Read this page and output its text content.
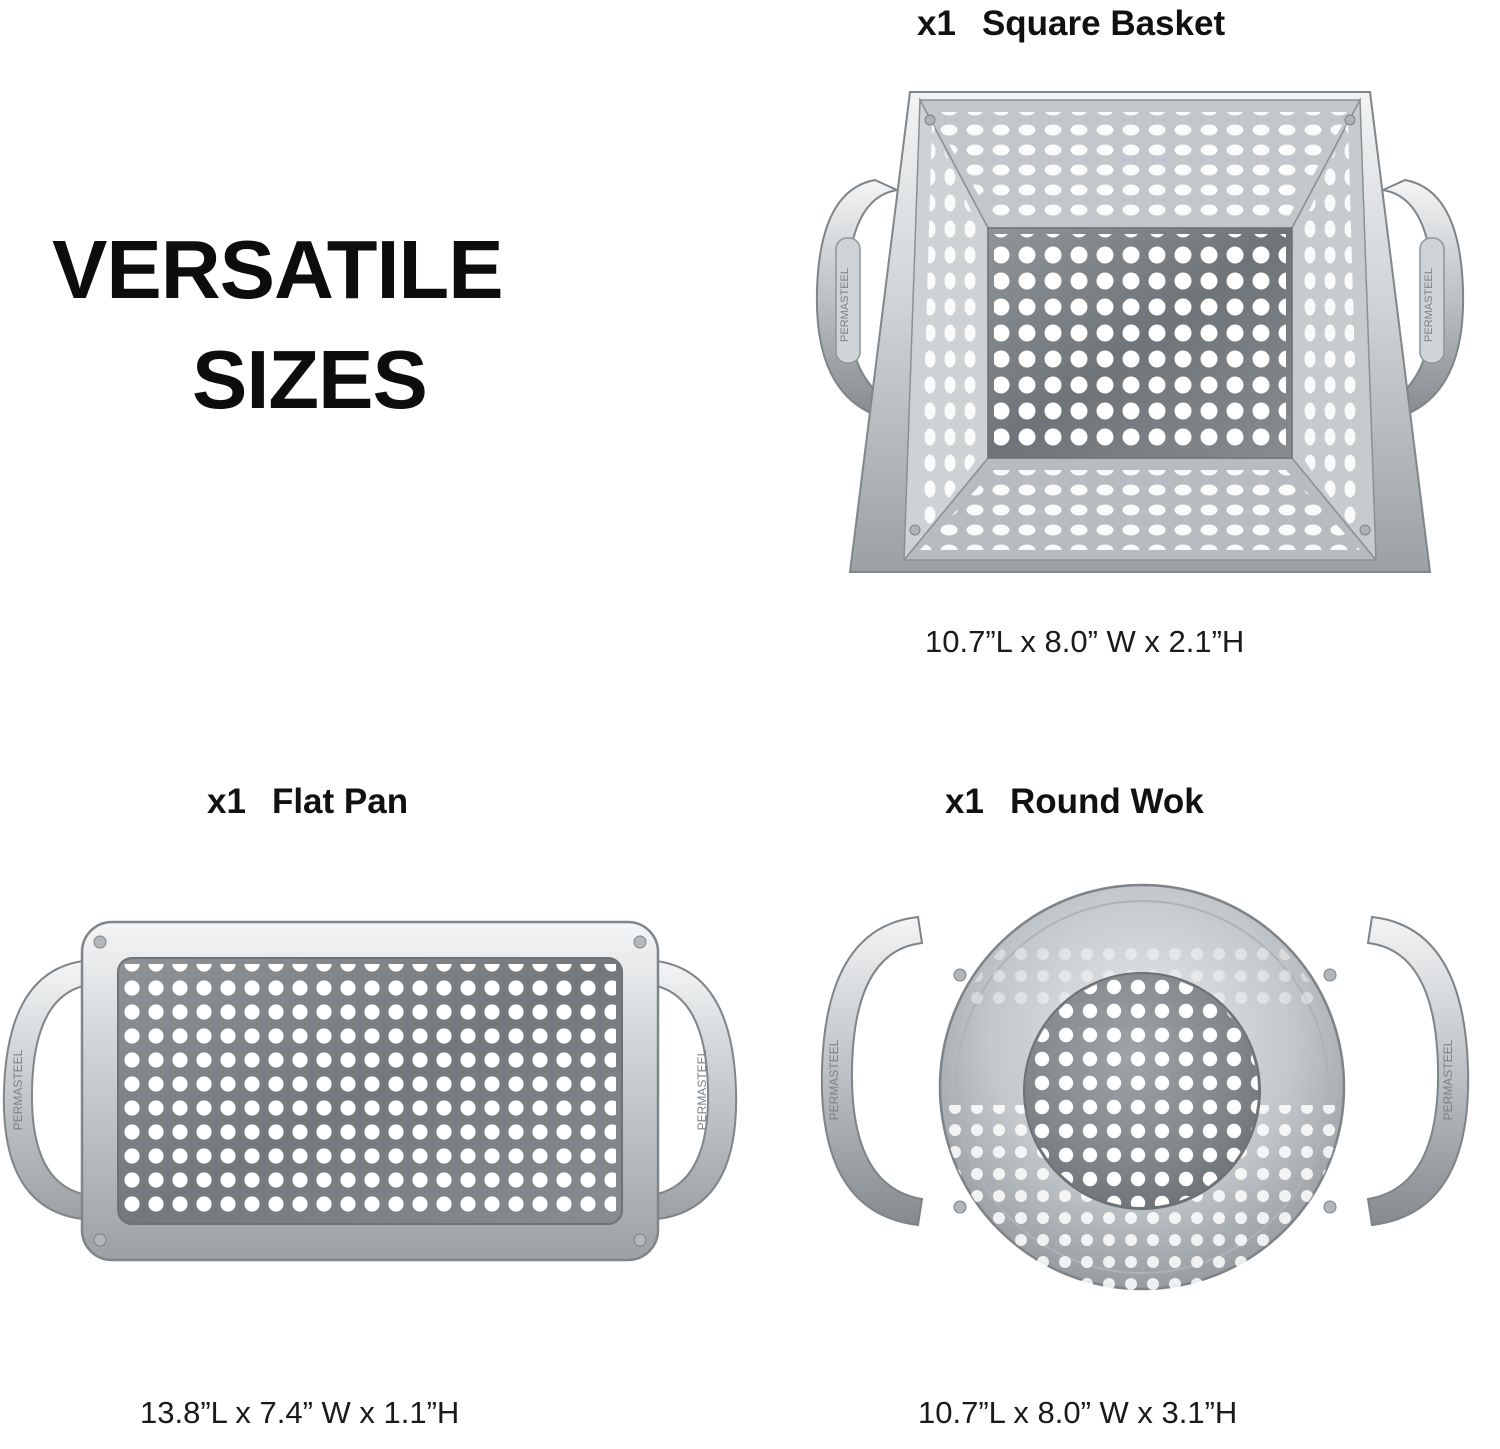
VERSATILE
SIZES
x1 Square Basket
PERMASTEEL	PERMASTEEL
10.7”L x 8.0” W x 2.1”H
x1 Flat Pan
PERMASTEEL	PERMASTEEL
13.8”L x 7.4” W x 1.1”H
x1 Round Wok
PERMASTEEL	PERMASTEEL
10.7”L x 8.0” W x 3.1”H
